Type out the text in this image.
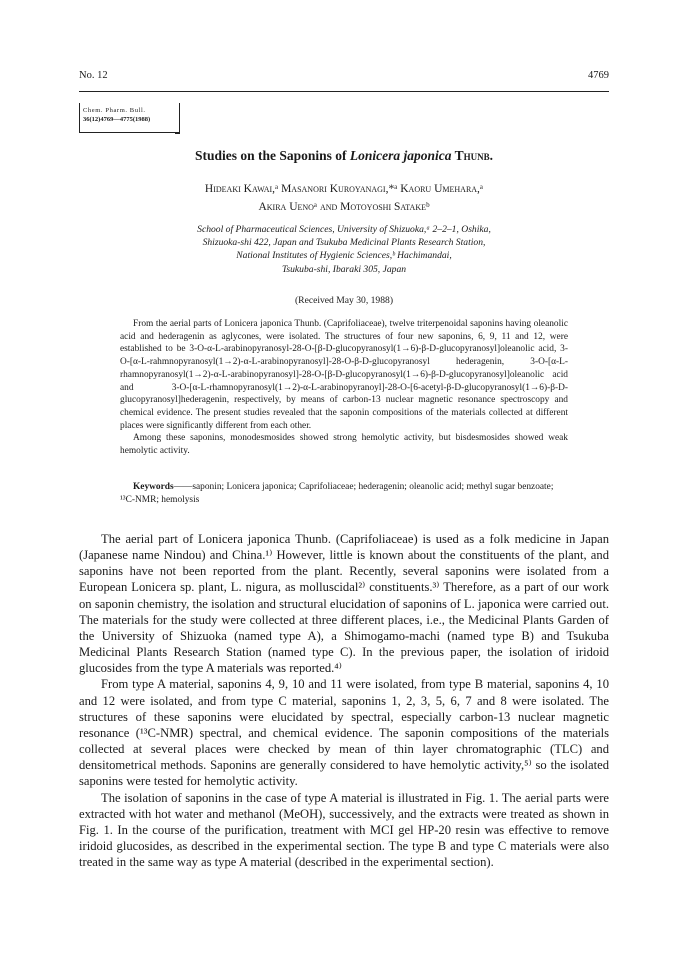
No. 12	4769
Chem. Pharm. Bull.
36(12)4769—4775(1988)
Studies on the Saponins of Lonicera japonica Thunb.
Hideaki Kawai,ᵃ Masanori Kuroyanagi,*ᵃ Kaoru Umehara,ᵃ
Akira Uenoᵃ and Motoyoshi Satakeᵇ
School of Pharmaceutical Sciences, University of Shizuoka,ᵃ 2–2–1, Oshika,
Shizuoka-shi 422, Japan and Tsukuba Medicinal Plants Research Station,
National Institutes of Hygienic Sciences,ᵇ Hachimandai,
Tsukuba-shi, Ibaraki 305, Japan
(Received May 30, 1988)

From the aerial parts of Lonicera japonica Thunb. (Caprifoliaceae), twelve triterpenoidal saponins having oleanolic acid and hederagenin as aglycones, were isolated. The structures of four new saponins, 6, 9, 11 and 12, were established to be 3-O-α-L-arabinopyranosyl-28-O-[β-D-glucopyranosyl(1→6)-β-D-glucopyranosyl]oleanolic acid, 3-O-[α-L-rahmnopyranosyl(1→2)-α-L-arabinopyranosyl]-28-O-β-D-glucopyranosyl hederagenin, 3-O-[α-L-rhamnopyranosyl(1→2)-α-L-arabinopyranosyl]-28-O-[β-D-glucopyranosyl(1→6)-β-D-glucopyranosyl]oleanolic acid and 3-O-[α-L-rhamnopyranosyl(1→2)-α-L-arabinopyranoyl]-28-O-[6-acetyl-β-D-glucopyranosyl(1→6)-β-D-glucopyranosyl]hederagenin, respectively, by means of carbon-13 nuclear magnetic resonance spectroscopy and chemical evidence. The present studies revealed that the saponin compositions of the materials collected at different places were significantly different from each other.

Among these saponins, monodesmosides showed strong hemolytic activity, but bisdesmosides showed weak hemolytic activity.

Keywords——saponin; Lonicera japonica; Caprifoliaceae; hederagenin; oleanolic acid; methyl sugar benzoate; ¹³C-NMR; hemolysis

The aerial part of Lonicera japonica Thunb. (Caprifoliaceae) is used as a folk medicine in Japan (Japanese name Nindou) and China.¹⁾ However, little is known about the constituents of the plant, and saponins have not been reported from the plant. Recently, several saponins were isolated from a European Lonicera sp. plant, L. nigura, as molluscidal²⁾ constituents.³⁾ Therefore, as a part of our work on saponin chemistry, the isolation and structural elucidation of saponins of L. japonica were carried out. The materials for the study were collected at three different places, i.e., the Medicinal Plants Garden of the University of Shizuoka (named type A), a Shimogamo-machi (named type B) and Tsukuba Medicinal Plants Research Station (named type C). In the previous paper, the isolation of iridoid glucosides from the type A materials was reported.⁴⁾

From type A material, saponins 4, 9, 10 and 11 were isolated, from type B material, saponins 4, 10 and 12 were isolated, and from type C material, saponins 1, 2, 3, 5, 6, 7 and 8 were isolated. The structures of these saponins were elucidated by spectral, especially carbon-13 nuclear magnetic resonance (¹³C-NMR) spectral, and chemical evidence. The saponin compositions of the materials collected at several places were checked by mean of thin layer chromatographic (TLC) and densitometrical methods. Saponins are generally considered to have hemolytic activity,⁵⁾ so the isolated saponins were tested for hemolytic activity.

The isolation of saponins in the case of type A material is illustrated in Fig. 1. The aerial parts were extracted with hot water and methanol (MeOH), successively, and the extracts were treated as shown in Fig. 1. In the course of the purification, treatment with MCI gel HP-20 resin was effective to remove iridoid glucosides, as described in the experimental section. The type B and type C materials were also treated in the same way as type A material (described in the experimental section).
